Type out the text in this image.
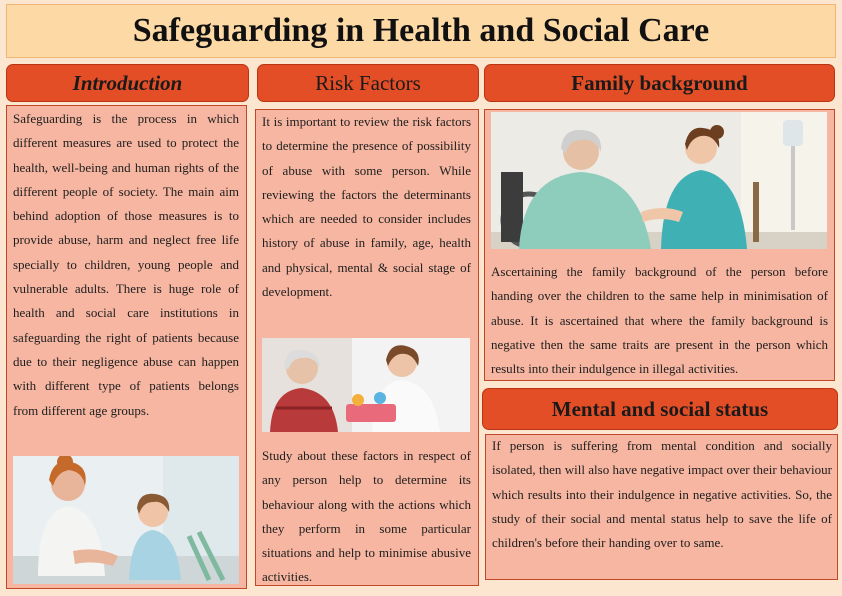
Safeguarding in Health and Social Care
Introduction

Safeguarding is the process in which different measures are used to protect the health, well-being and human rights of the different people of society. The main aim behind adoption of those measures is to provide abuse, harm and neglect free life specially to children, young people and vulnerable adults. There is huge role of health and social care institutions in safeguarding the right of patients because due to their negligence abuse can happen with different type of patients belongs from different age groups.

Risk Factors

It is important to review the risk factors to determine the presence of possibility of abuse with some person. While reviewing the factors the determinants which are needed to consider includes history of abuse in family, age, health and physical, mental & social stage of development.

Study about these factors in respect of any person help to determine its behaviour along with the actions which they perform in some particular situations and help to minimise abusive activities.

Family background

Ascertaining the family background of the person before handing over the children to the same help in minimisation of abuse. It is ascertained that where the family background is negative then the same traits are present in the person which results into their indulgence in illegal activities.

Mental and social status

If person is suffering from mental condition and socially isolated, then will also have negative impact over their behaviour which results into their indulgence in negative activities. So, the study of their social and mental status help to save the life of children's before their handing over to same.
